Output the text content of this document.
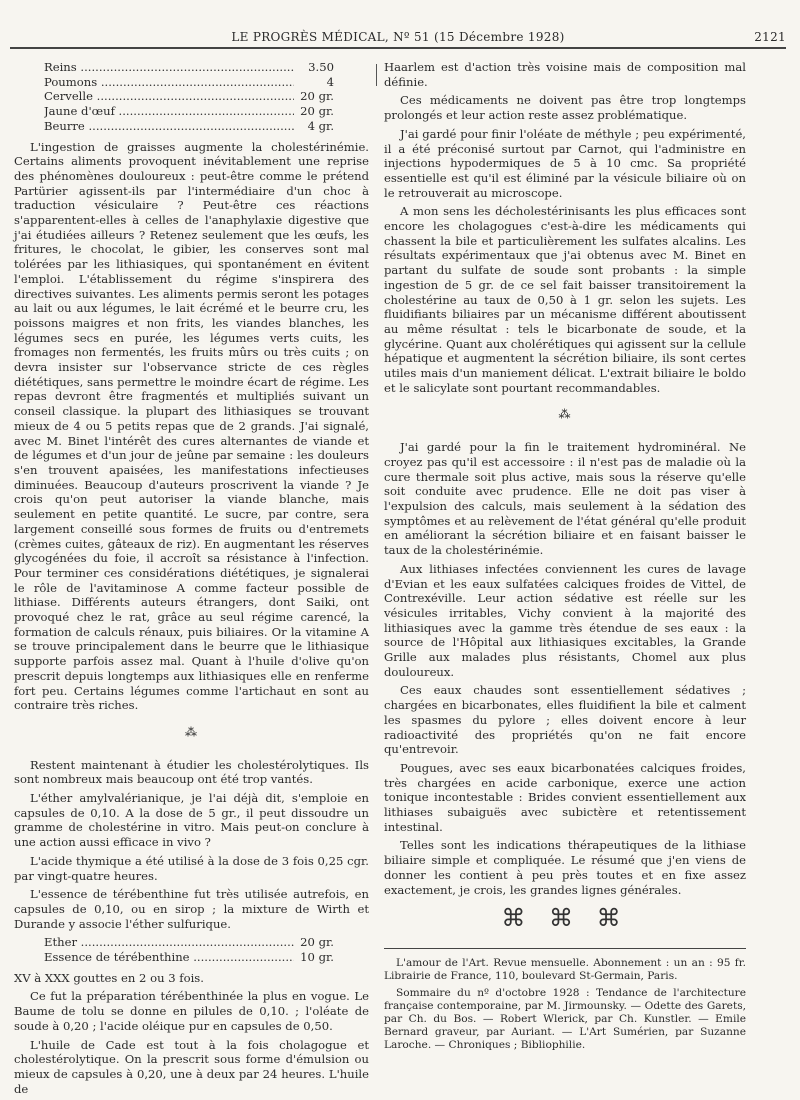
LE PROGRÈS MÉDICAL, Nº 51 (15 Décembre 1928)	2121
Reins .....	3.50
Poumons .....	4
Cervelle .....	20 gr.
Jaune d'œuf .....	20 gr.
Beurre .....	4 gr.

L'ingestion de graisses augmente la cholestérinémie. Certains aliments provoquent inévitablement une reprise des phénomènes douloureux : peut-être comme le prétend Partürier agissent-ils par l'intermédiaire d'un choc à traduction vésiculaire ? Peut-être ces réactions s'apparentent-elles à celles de l'anaphylaxie digestive que j'ai étudiées ailleurs ? Retenez seulement que les œufs, les fritures, le chocolat, le gibier, les conserves sont mal tolérées par les lithiasiques, qui spontanément en évitent l'emploi. L'établissement du régime s'inspirera des directives suivantes. Les aliments permis seront les potages au lait ou aux légumes, le lait écrémé et le beurre cru, les poissons maigres et non frits, les viandes blanches, les légumes secs en purée, les légumes verts cuits, les fromages non fermentés, les fruits mûrs ou très cuits ; on devra insister sur l'observance stricte de ces règles diététiques, sans permettre le moindre écart de régime. Les repas devront être fragmentés et multipliés suivant un conseil classique. la plupart des lithiasiques se trouvant mieux de 4 ou 5 petits repas que de 2 grands. J'ai signalé, avec M. Binet l'intérêt des cures alternantes de viande et de légumes et d'un jour de jeûne par semaine : les douleurs s'en trouvent apaisées, les manifestations infectieuses diminuées. Beaucoup d'auteurs proscrivent la viande ? Je crois qu'on peut autoriser la viande blanche, mais seulement en petite quantité. Le sucre, par contre, sera largement conseillé sous formes de fruits ou d'entremets (crèmes cuites, gâteaux de riz). En augmentant les réserves glycogénées du foie, il accroît sa résistance à l'infection. Pour terminer ces considérations diététiques, je signalerai le rôle de l'avitaminose A comme facteur possible de lithiase. Différents auteurs étrangers, dont Saiki, ont provoqué chez le rat, grâce au seul régime carencé, la formation de calculs rénaux, puis biliaires. Or la vitamine A se trouve principalement dans le beurre que le lithiasique supporte parfois assez mal. Quant à l'huile d'olive qu'on prescrit depuis longtemps aux lithiasiques elle en renferme fort peu. Certains légumes comme l'artichaut en sont au contraire très riches.

⁂

Restent maintenant à étudier les cholestérolytiques. Ils sont nombreux mais beaucoup ont été trop vantés.

L'éther amylvalérianique, je l'ai déjà dit, s'emploie en capsules de 0,10. A la dose de 5 gr., il peut dissoudre un gramme de cholestérine in vitro. Mais peut-on conclure à une action aussi efficace in vivo ?

L'acide thymique a été utilisé à la dose de 3 fois 0,25 cgr. par vingt-quatre heures.

L'essence de térébenthine fut très utilisée autrefois, en capsules de 0,10, ou en sirop ; la mixture de Wirth et Durande y associe l'éther sulfurique.

Ether .....	20 gr.
Essence de térébenthine .....	10 gr.

XV à XXX gouttes en 2 ou 3 fois.

Ce fut la préparation térébenthinée la plus en vogue. Le Baume de tolu se donne en pilules de 0,10. ; l'oléate de soude à 0,20 ; l'acide oléique pur en capsules de 0,50.

L'huile de Cade est tout à la fois cholagogue et cholestérolytique. On la prescrit sous forme d'émulsion ou mieux de capsules à 0,20, une à deux par 24 heures. L'huile de

Haarlem est d'action très voisine mais de composition mal définie.

Ces médicaments ne doivent pas être trop longtemps prolongés et leur action reste assez problématique.

J'ai gardé pour finir l'oléate de méthyle ; peu expérimenté, il a été préconisé surtout par Carnot, qui l'administre en injections hypodermiques de 5 à 10 cmc. Sa propriété essentielle est qu'il est éliminé par la vésicule biliaire où on le retrouverait au microscope.

A mon sens les décholestérinisants les plus efficaces sont encore les cholagogues c'est-à-dire les médicaments qui chassent la bile et particulièrement les sulfates alcalins. Les résultats expérimentaux que j'ai obtenus avec M. Binet en partant du sulfate de soude sont probants : la simple ingestion de 5 gr. de ce sel fait baisser transitoirement la cholestérine au taux de 0,50 à 1 gr. selon les sujets. Les fluidifiants biliaires par un mécanisme différent aboutissent au même résultat : tels le bicarbonate de soude, et la glycérine. Quant aux cholérétiques qui agissent sur la cellule hépatique et augmentent la sécrétion biliaire, ils sont certes utiles mais d'un maniement délicat. L'extrait biliaire le boldo et le salicylate sont pourtant recommandables.

⁂

J'ai gardé pour la fin le traitement hydrominéral. Ne croyez pas qu'il est accessoire : il n'est pas de maladie où la cure thermale soit plus active, mais sous la réserve qu'elle soit conduite avec prudence. Elle ne doit pas viser à l'expulsion des calculs, mais seulement à la sédation des symptômes et au relèvement de l'état général qu'elle produit en améliorant la sécrétion biliaire et en faisant baisser le taux de la cholestérinémie.

Aux lithiases infectées conviennent les cures de lavage d'Evian et les eaux sulfatées calciques froides de Vittel, de Contrexéville. Leur action sédative est réelle sur les vésicules irritables, Vichy convient à la majorité des lithiasiques avec la gamme très étendue de ses eaux : la source de l'Hôpital aux lithiasiques excitables, la Grande Grille aux malades plus résistants, Chomel aux plus douloureux.

Ces eaux chaudes sont essentiellement sédatives ; chargées en bicarbonates, elles fluidifient la bile et calment les spasmes du pylore ; elles doivent encore à leur radioactivité des propriétés qu'on ne fait encore qu'entrevoir.

Pougues, avec ses eaux bicarbonatées calciques froides, très chargées en acide carbonique, exerce une action tonique incontestable : Brides convient essentiellement aux lithiases subaiguës avec subictère et retentissement intestinal.

Telles sont les indications thérapeutiques de la lithiase biliaire simple et compliquée. Le résumé que j'en viens de donner les contient à peu près toutes et en fixe assez exactement, je crois, les grandes lignes générales.

⌘ ⌘ ⌘

L'amour de l'Art. Revue mensuelle. Abonnement : un an : 95 fr. Librairie de France, 110, boulevard St-Germain, Paris.

Sommaire du nº d'octobre 1928 : Tendance de l'architecture française contemporaine, par M. Jirmounsky. — Odette des Garets, par Ch. du Bos. — Robert Wlerick, par Ch. Kunstler. — Emile Bernard graveur, par Auriant. — L'Art Sumérien, par Suzanne Laroche. — Chroniques ; Bibliophilie.
